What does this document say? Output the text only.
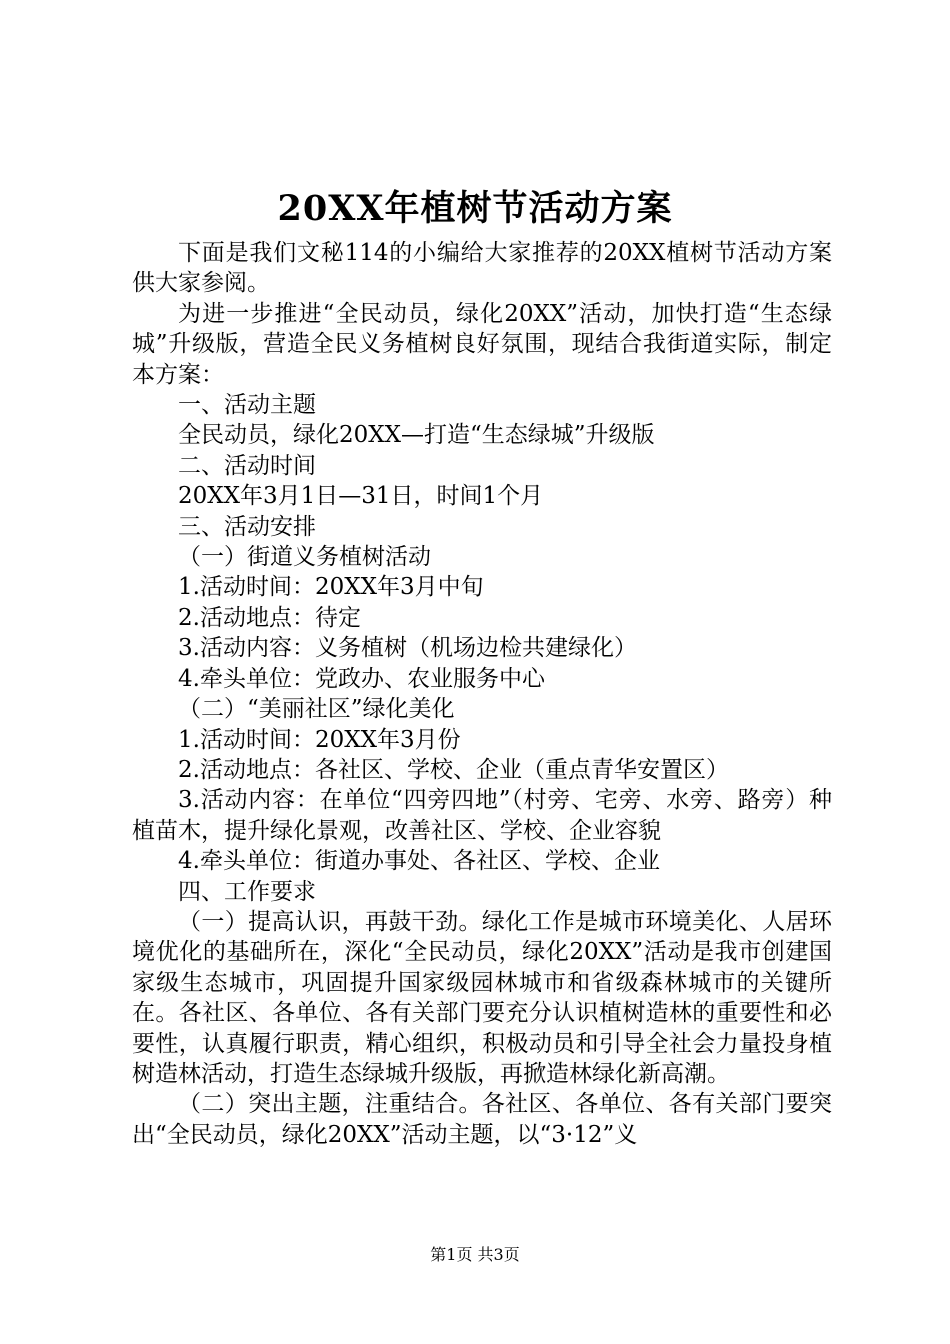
20XX年植树节活动方案

下面是我们文秘114的小编给大家推荐的20XX植树节活动方案供大家参阅。

为进一步推进“全民动员，绿化20XX”活动，加快打造“生态绿城”升级版，营造全民义务植树良好氛围，现结合我街道实际，制定本方案：

一、活动主题

全民动员，绿化20XX—打造“生态绿城”升级版

二、活动时间

20XX年3月1日—31日，时间1个月

三、活动安排

（一）街道义务植树活动

1.活动时间：20XX年3月中旬

2.活动地点：待定

3.活动内容：义务植树（机场边检共建绿化）

4.牵头单位：党政办、农业服务中心

（二）“美丽社区”绿化美化

1.活动时间：20XX年3月份

2.活动地点：各社区、学校、企业（重点青华安置区）

3.活动内容：在单位“四旁四地”（村旁、宅旁、水旁、路旁）种植苗木，提升绿化景观，改善社区、学校、企业容貌

4.牵头单位：街道办事处、各社区、学校、企业

四、工作要求

（一）提高认识，再鼓干劲。绿化工作是城市环境美化、人居环境优化的基础所在，深化“全民动员，绿化20XX”活动是我市创建国家级生态城市，巩固提升国家级园林城市和省级森林城市的关键所在。各社区、各单位、各有关部门要充分认识植树造林的重要性和必要性，认真履行职责，精心组织，积极动员和引导全社会力量投身植树造林活动，打造生态绿城升级版，再掀造林绿化新高潮。

（二）突出主题，注重结合。各社区、各单位、各有关部门要突出“全民动员，绿化20XX”活动主题，以“3·12”义

第1页 共3页
